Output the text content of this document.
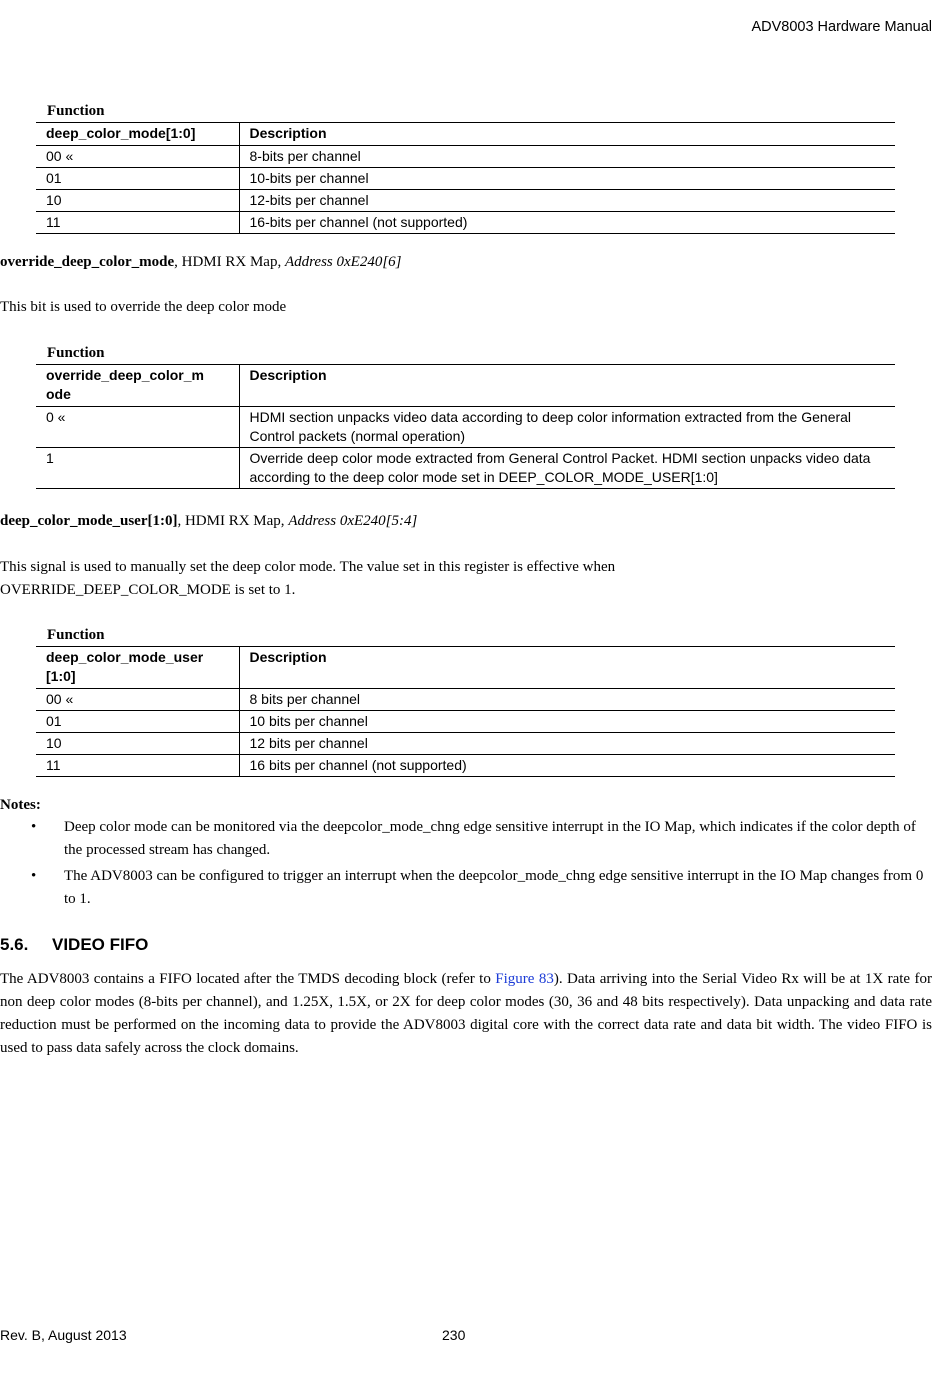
ADV8003 Hardware Manual
Function
deep_color_mode[1:0]	Description
00 «	8-bits per channel
01	10-bits per channel
10	12-bits per channel
11	16-bits per channel (not supported)
override_deep_color_mode, HDMI RX Map, Address 0xE240[6]
This bit is used to override the deep color mode
Function
override_deep_color_m ode	Description
0 «	HDMI section unpacks video data according to deep color information extracted from the General Control packets (normal operation)
1	Override deep color mode extracted from General Control Packet. HDMI section unpacks video data according to the deep color mode set in DEEP_COLOR_MODE_USER[1:0]
deep_color_mode_user[1:0], HDMI RX Map, Address 0xE240[5:4]
This signal is used to manually set the deep color mode. The value set in this register is effective when
OVERRIDE_DEEP_COLOR_MODE is set to 1.
Function
deep_color_mode_user [1:0]	Description
00 «	8 bits per channel
01	10 bits per channel
10	12 bits per channel
11	16 bits per channel (not supported)
Notes:
• Deep color mode can be monitored via the deepcolor_mode_chng edge sensitive interrupt in the IO Map, which indicates if the color depth of the processed stream has changed.
• The ADV8003 can be configured to trigger an interrupt when the deepcolor_mode_chng edge sensitive interrupt in the IO Map changes from 0 to 1.
5.6. VIDEO FIFO
The ADV8003 contains a FIFO located after the TMDS decoding block (refer to Figure 83). Data arriving into the Serial Video Rx will be at 1X rate for non deep color modes (8-bits per channel), and 1.25X, 1.5X, or 2X for deep color modes (30, 36 and 48 bits respectively). Data unpacking and data rate reduction must be performed on the incoming data to provide the ADV8003 digital core with the correct data rate and data bit width. The video FIFO is used to pass data safely across the clock domains.
Rev. B, August 2013	230
